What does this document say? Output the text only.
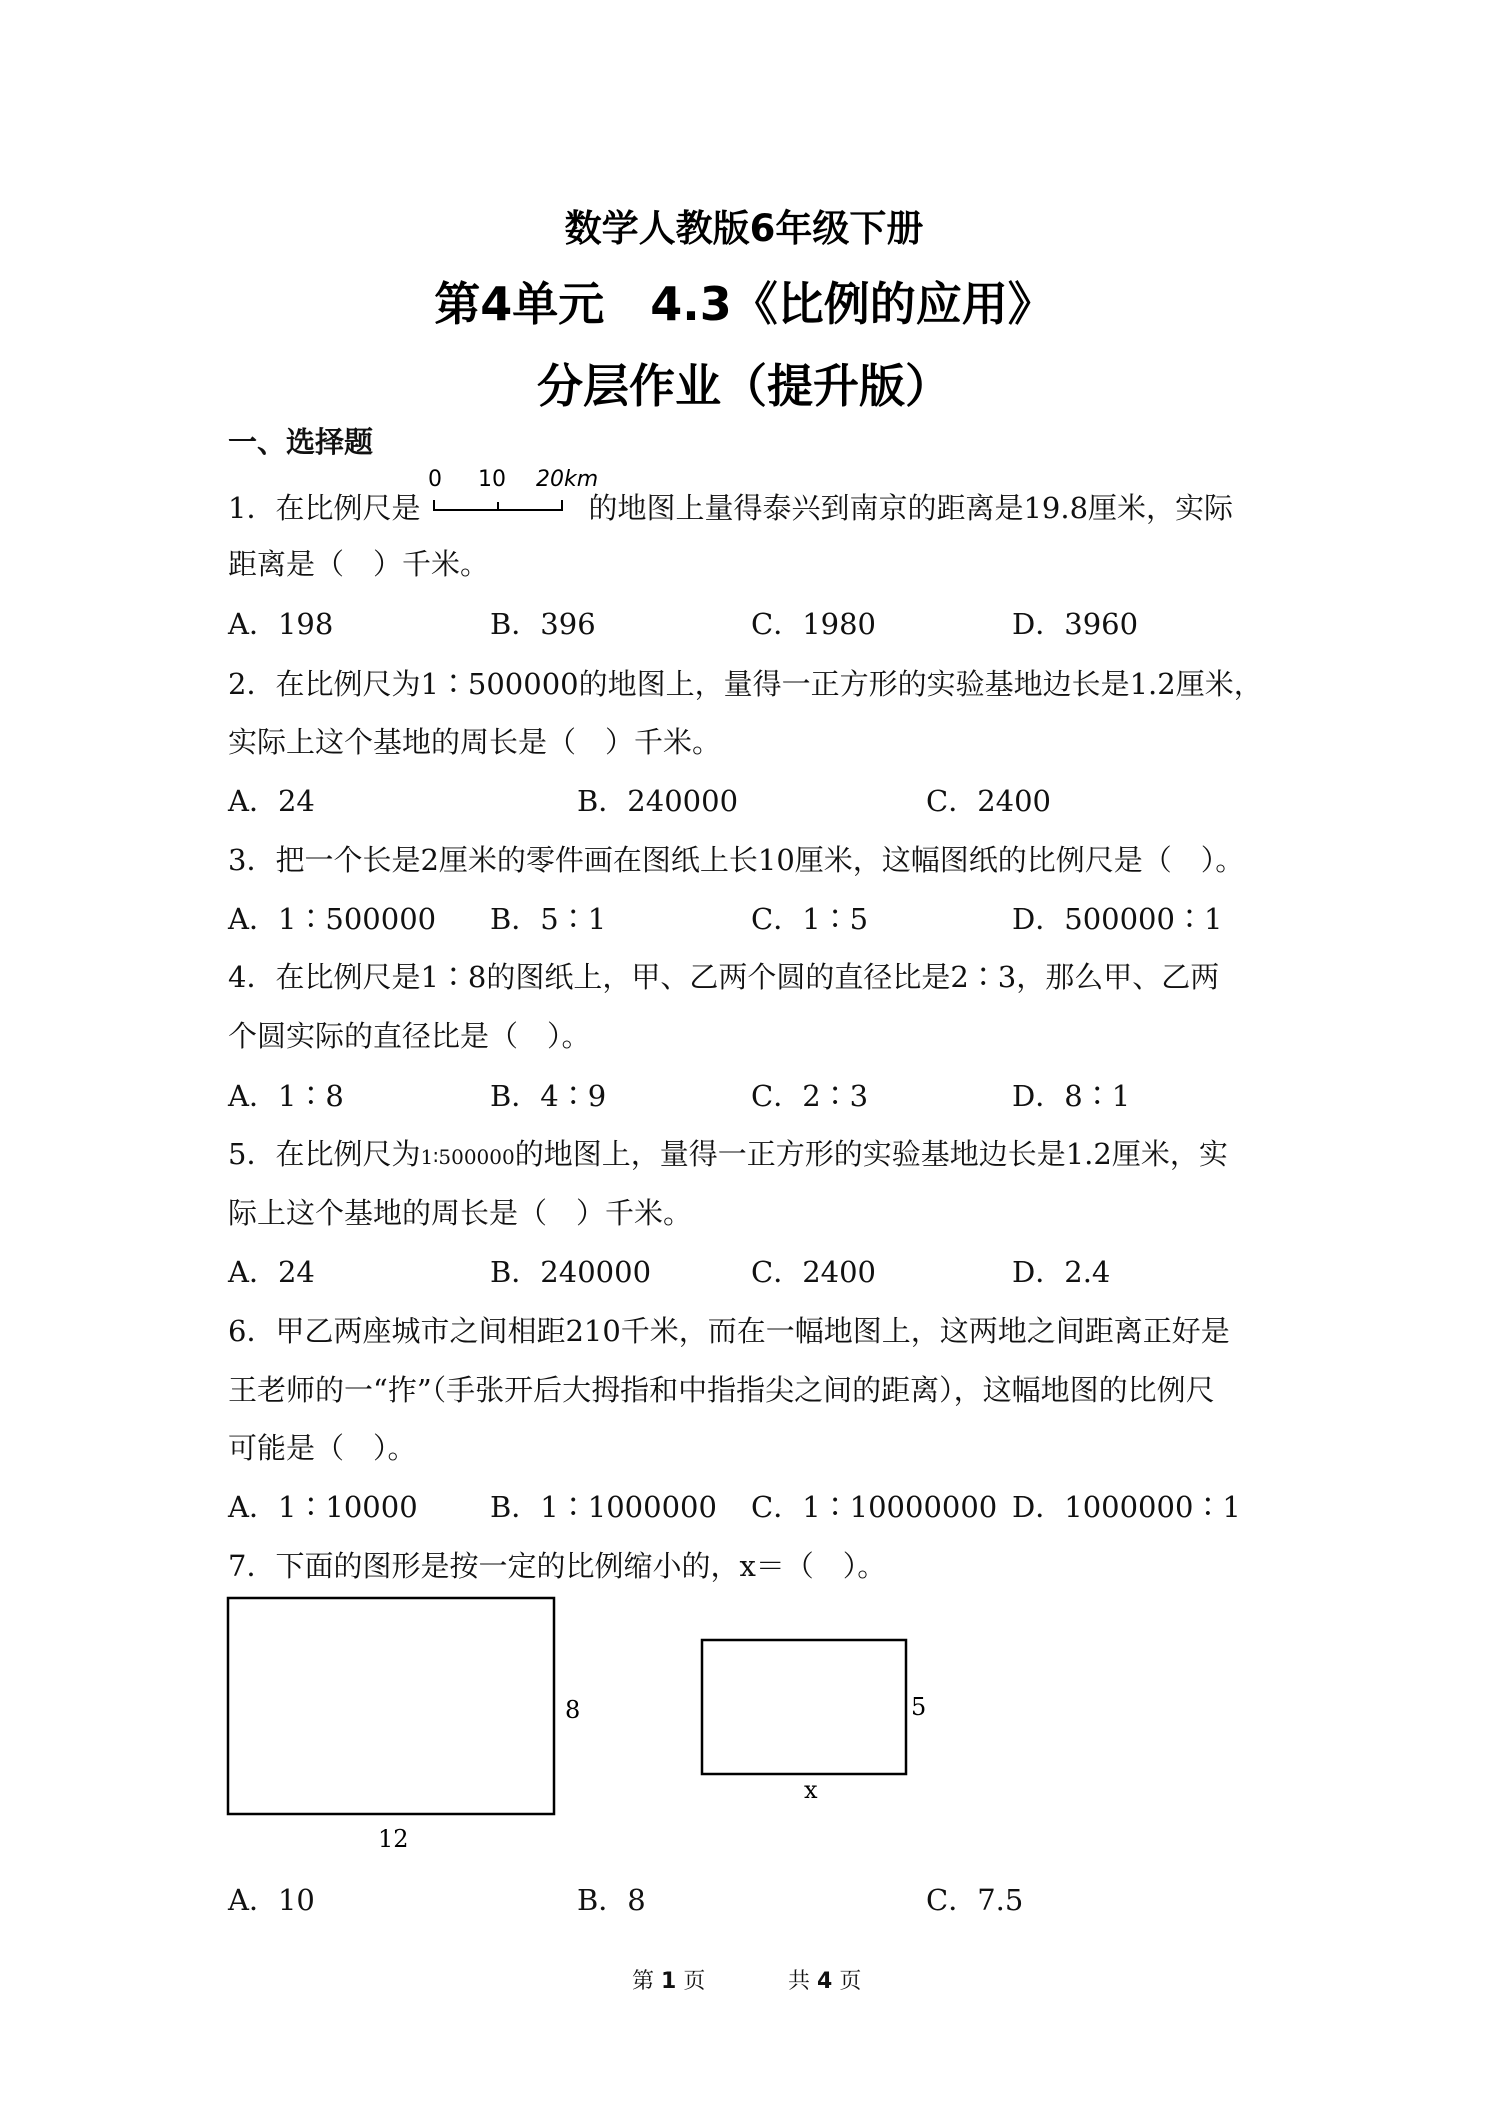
数学人教版6年级下册
第4单元　4.3《比例的应用》
分层作业（提升版）
一、选择题
1．在比例尺是	的地图上量得泰兴到南京的距离是19.8厘米，实际
0 10 20km
距离是（　）千米。
A．198	B．396	C．1980	D．3960
2．在比例尺为1∶500000的地图上，量得一正方形的实验基地边长是1.2厘米，
实际上这个基地的周长是（　）千米。
A．24	B．240000	C．2400
3．把一个长是2厘米的零件画在图纸上长10厘米，这幅图纸的比例尺是（　）。
A．1∶500000 B．5∶1	C．1∶5	D．500000∶1
4．在比例尺是1∶8的图纸上，甲、乙两个圆的直径比是2∶3，那么甲、乙两
个圆实际的直径比是（　）。
A．1∶8	B．4∶9	C．2∶3	D．8∶1
5．在比例尺为1∶500000的地图上，量得一正方形的实验基地边长是1.2厘米，实
际上这个基地的周长是（　）千米。
A．24	B．240000	C．2400	D．2.4
6．甲乙两座城市之间相距210千米，而在一幅地图上，这两地之间距离正好是
王老师的一“拃”（手张开后大拇指和中指指尖之间的距离），这幅地图的比例尺
可能是（　）。
A．1∶10000 B．1∶1000000 C．1∶10000000 D．1000000∶1
7．下面的图形是按一定的比例缩小的，x＝（　）。
8
12
5
x
A．10	B．8	C．7.5
第 1 页	共 4 页
